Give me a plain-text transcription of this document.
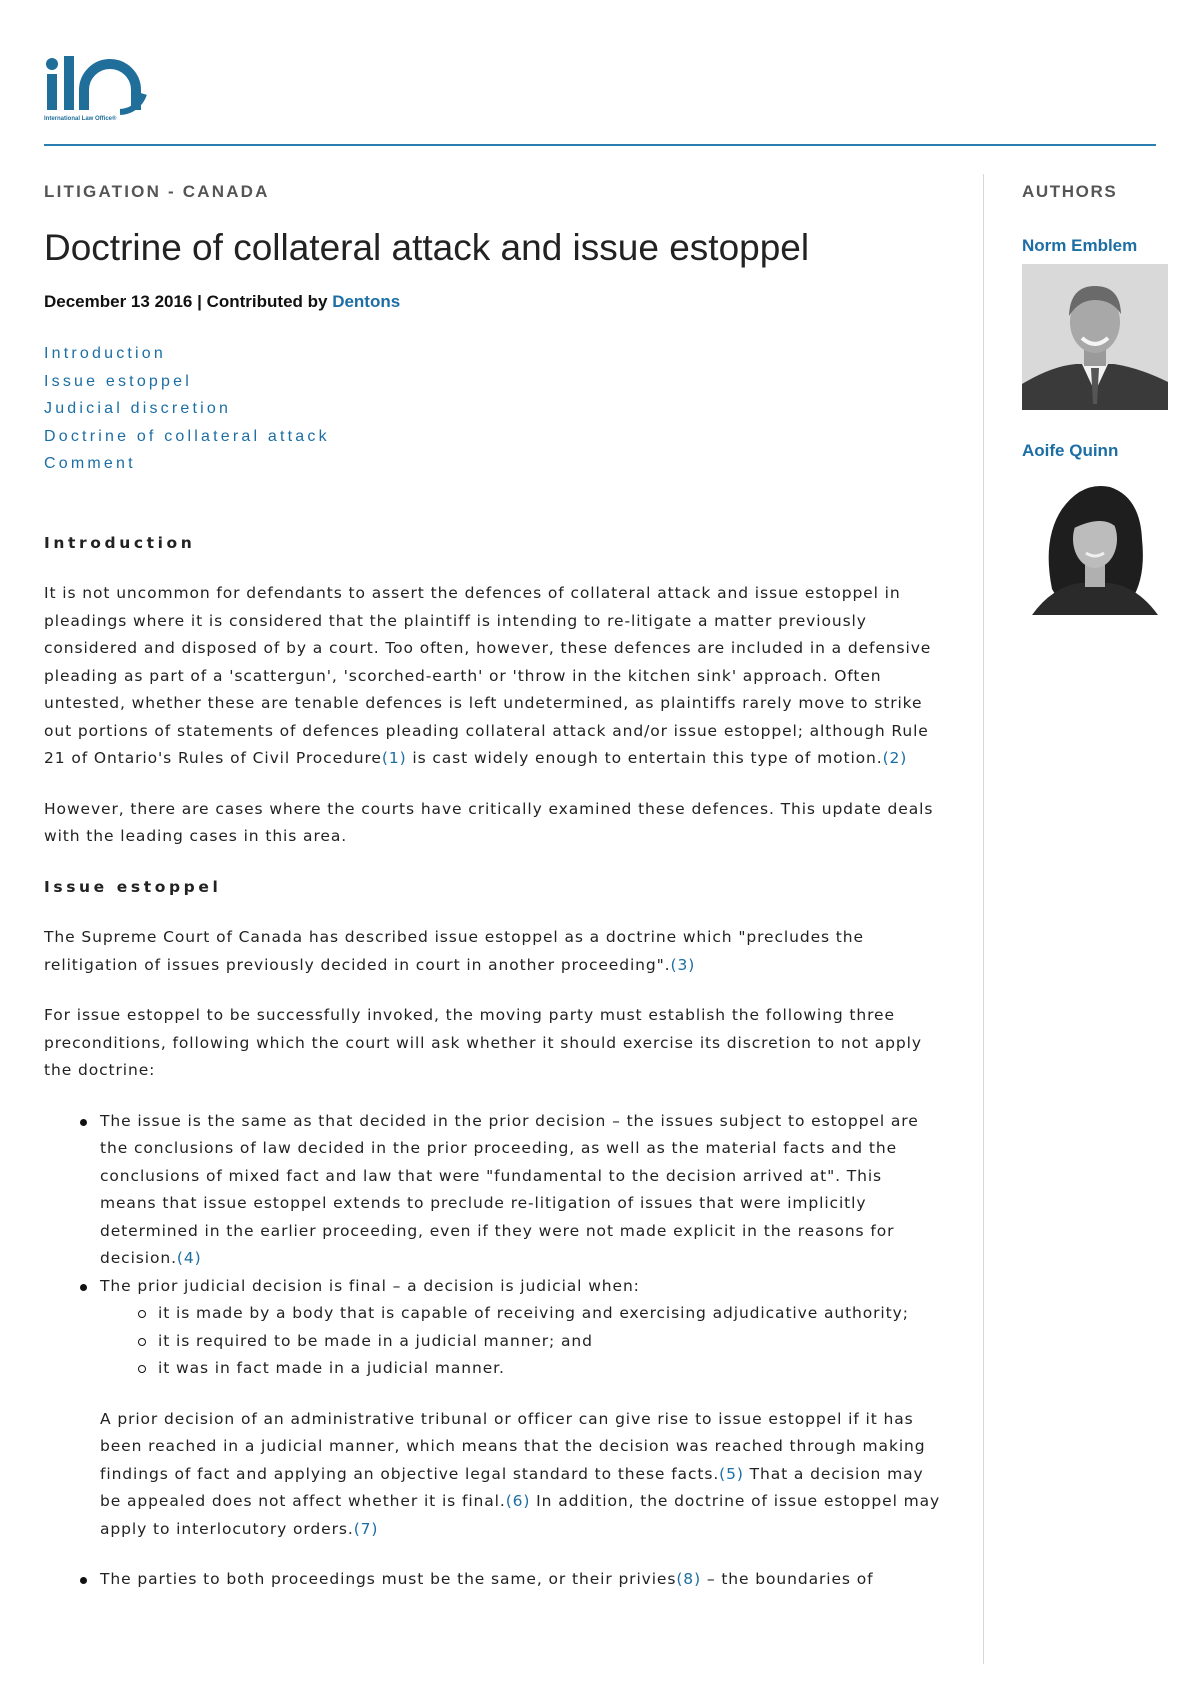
International Law Office®
LITIGATION - CANADA
Doctrine of collateral attack and issue estoppel
December 13 2016 | Contributed by Dentons
Introduction
Issue estoppel
Judicial discretion
Doctrine of collateral attack
Comment
Introduction

It is not uncommon for defendants to assert the defences of collateral attack and issue estoppel in pleadings where it is considered that the plaintiff is intending to re-litigate a matter previously considered and disposed of by a court. Too often, however, these defences are included in a defensive pleading as part of a 'scattergun', 'scorched-earth' or 'throw in the kitchen sink' approach. Often untested, whether these are tenable defences is left undetermined, as plaintiffs rarely move to strike out portions of statements of defences pleading collateral attack and/or issue estoppel; although Rule 21 of Ontario's Rules of Civil Procedure(1) is cast widely enough to entertain this type of motion.(2)

However, there are cases where the courts have critically examined these defences. This update deals with the leading cases in this area.

Issue estoppel

The Supreme Court of Canada has described issue estoppel as a doctrine which "precludes the relitigation of issues previously decided in court in another proceeding".(3)

For issue estoppel to be successfully invoked, the moving party must establish the following three preconditions, following which the court will ask whether it should exercise its discretion to not apply the doctrine:

The issue is the same as that decided in the prior decision – the issues subject to estoppel are the conclusions of law decided in the prior proceeding, as well as the material facts and the conclusions of mixed fact and law that were "fundamental to the decision arrived at". This means that issue estoppel extends to preclude re-litigation of issues that were implicitly determined in the earlier proceeding, even if they were not made explicit in the reasons for decision.(4)
The prior judicial decision is final – a decision is judicial when:
it is made by a body that is capable of receiving and exercising adjudicative authority;
it is required to be made in a judicial manner; and
it was in fact made in a judicial manner.

A prior decision of an administrative tribunal or officer can give rise to issue estoppel if it has been reached in a judicial manner, which means that the decision was reached through making findings of fact and applying an objective legal standard to these facts.(5) That a decision may be appealed does not affect whether it is final.(6) In addition, the doctrine of issue estoppel may apply to interlocutory orders.(7)

The parties to both proceedings must be the same, or their privies(8) – the boundaries of
AUTHORS
Norm Emblem
Aoife Quinn
